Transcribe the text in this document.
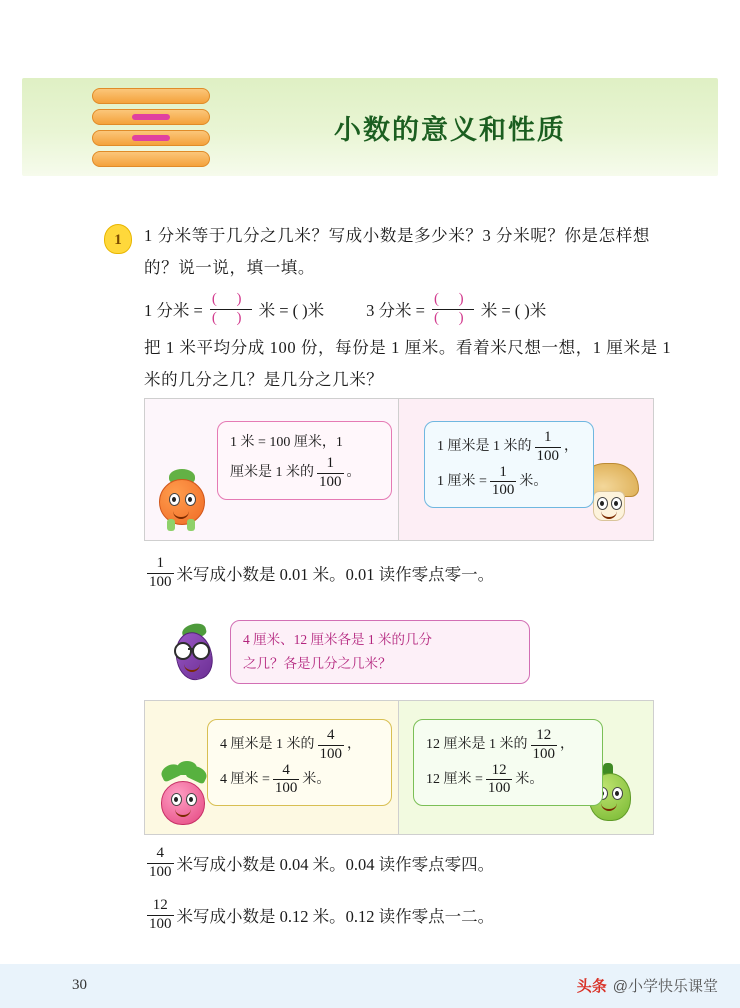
小数的意义和性质
1	1 分米等于几分之几米？写成小数是多少米？3 分米呢？你是怎样想的？说一说，填一填。

1 分米 = $\frac{( )}{( )}$ 米 = ( )米	3 分米 = $\frac{( )}{( )}$ 米 = ( )米

把 1 米平均分成 100 份，每份是 1 厘米。看着米尺想一想，1 厘米是 1 米的几分之几？是几分之几米？

1 米 = 100 厘米，1
厘米是 1 米的 $\frac{1}{100}$ 。
1 厘米是 1 米的 $\frac{1}{100}$ ，
1 厘米 = $\frac{1}{100}$ 米。
$\frac{1}{100}$ 米写成小数是 0.01 米。0.01 读作零点零一。
4 厘米、12 厘米各是 1 米的几分
之几？各是几分之几米？
4 厘米是 1 米的 $\frac{4}{100}$ ，
4 厘米 = $\frac{4}{100}$ 米。
12 厘米是 1 米的 $\frac{12}{100}$ ，
12 厘米 = $\frac{12}{100}$ 米。
$\frac{4}{100}$ 米写成小数是 0.04 米。0.04 读作零点零四。
$\frac{12}{100}$ 米写成小数是 0.12 米。0.12 读作零点一二。
30	头条 @小学快乐课堂
